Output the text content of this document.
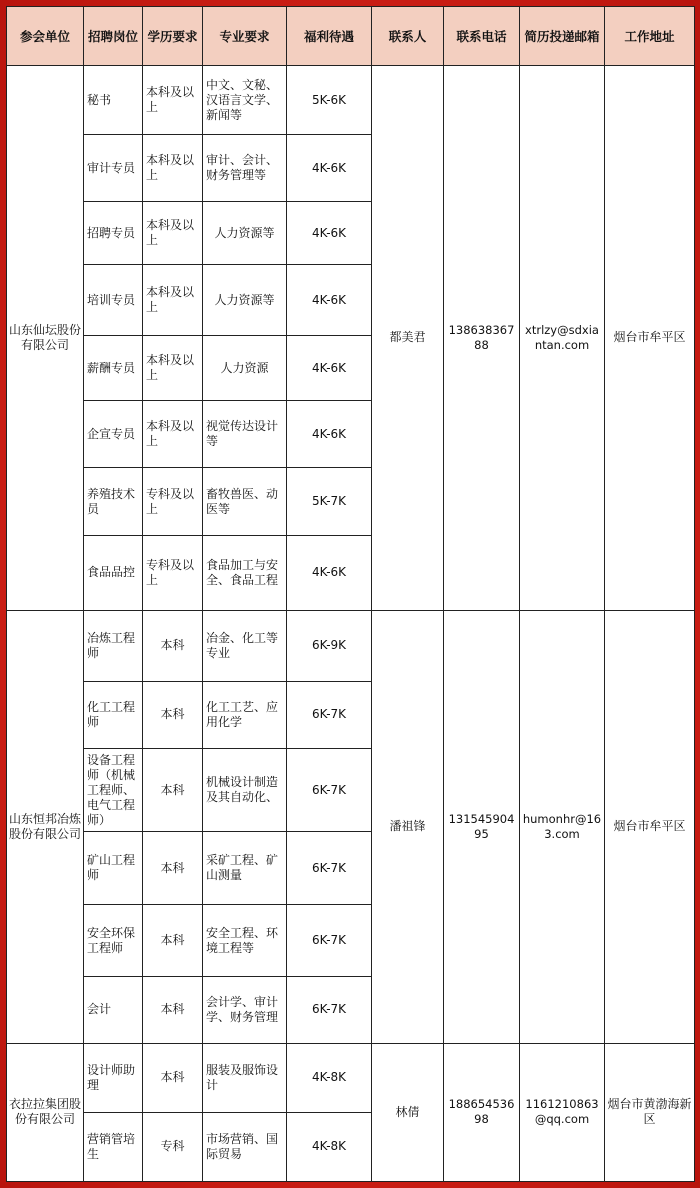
参会单位	招聘岗位	学历要求	专业要求	福利待遇	联系人	联系电话	简历投递邮箱	工作地址
山东仙坛股份有限公司	秘书	本科及以上	中文、文秘、汉语言文学、新闻等	5K-6K	都美君	13863836788	xtrlzy@sdxiantan.com	烟台市牟平区
	审计专员	本科及以上	审计、会计、财务管理等	4K-6K				
	招聘专员	本科及以上	人力资源等	4K-6K				
	培训专员	本科及以上	人力资源等	4K-6K				
	薪酬专员	本科及以上	人力资源	4K-6K				
	企宣专员	本科及以上	视觉传达设计等	4K-6K				
	养殖技术员	专科及以上	畜牧兽医、动医等	5K-7K				
	食品品控	专科及以上	食品加工与安全、食品工程	4K-6K				
山东恒邦冶炼股份有限公司	冶炼工程师	本科	冶金、化工等专业	6K-9K	潘祖锋	13154590495	humonhr@163.com	烟台市牟平区
	化工工程师	本科	化工工艺、应用化学	6K-7K				
	设备工程师（机械工程师、电气工程师）	本科	机械设计制造及其自动化、	6K-7K				
	矿山工程师	本科	采矿工程、矿山测量	6K-7K				
	安全环保工程师	本科	安全工程、环境工程等	6K-7K				
	会计	本科	会计学、审计学、财务管理	6K-7K				
衣拉拉集团股份有限公司	设计师助理	本科	服装及服饰设计	4K-8K	林倩	18865453698	1161210863@qq.com	烟台市黄渤海新区
	营销管培生	专科	市场营销、国际贸易	4K-8K				
